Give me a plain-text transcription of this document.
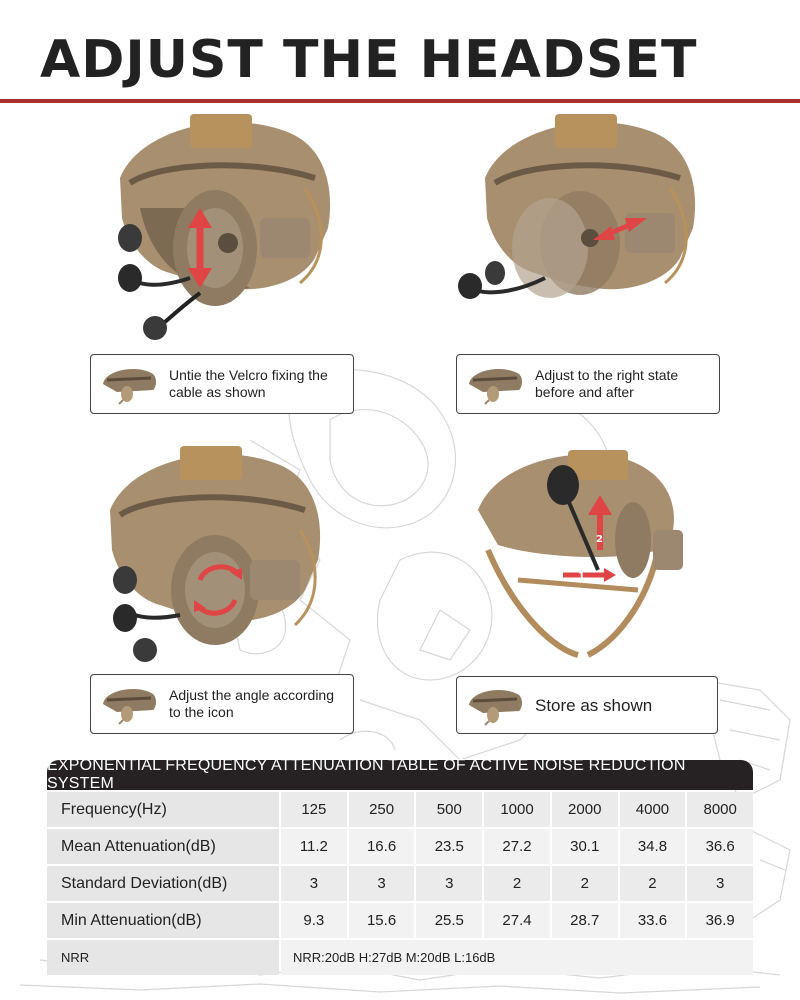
ADJUST THE HEADSET
1
2
Untie the Velcro fixing the cable as shown
Adjust to the right state before and after
Adjust the angle according to the icon	Store as shown
EXPONENTIAL FREQUENCY ATTENUATION TABLE OF ACTIVE NOISE REDUCTION SYSTEM
Frequency(Hz)	125	250	500	1000	2000	4000	8000
Mean Attenuation(dB)	11.2	16.6	23.5	27.2	30.1	34.8	36.6
Standard Deviation(dB)	3	3	3	2	2	2	3
Min Attenuation(dB)	9.3	15.6	25.5	27.4	28.7	33.6	36.9
NRR	NRR:20dB H:27dB M:20dB L:16dB
